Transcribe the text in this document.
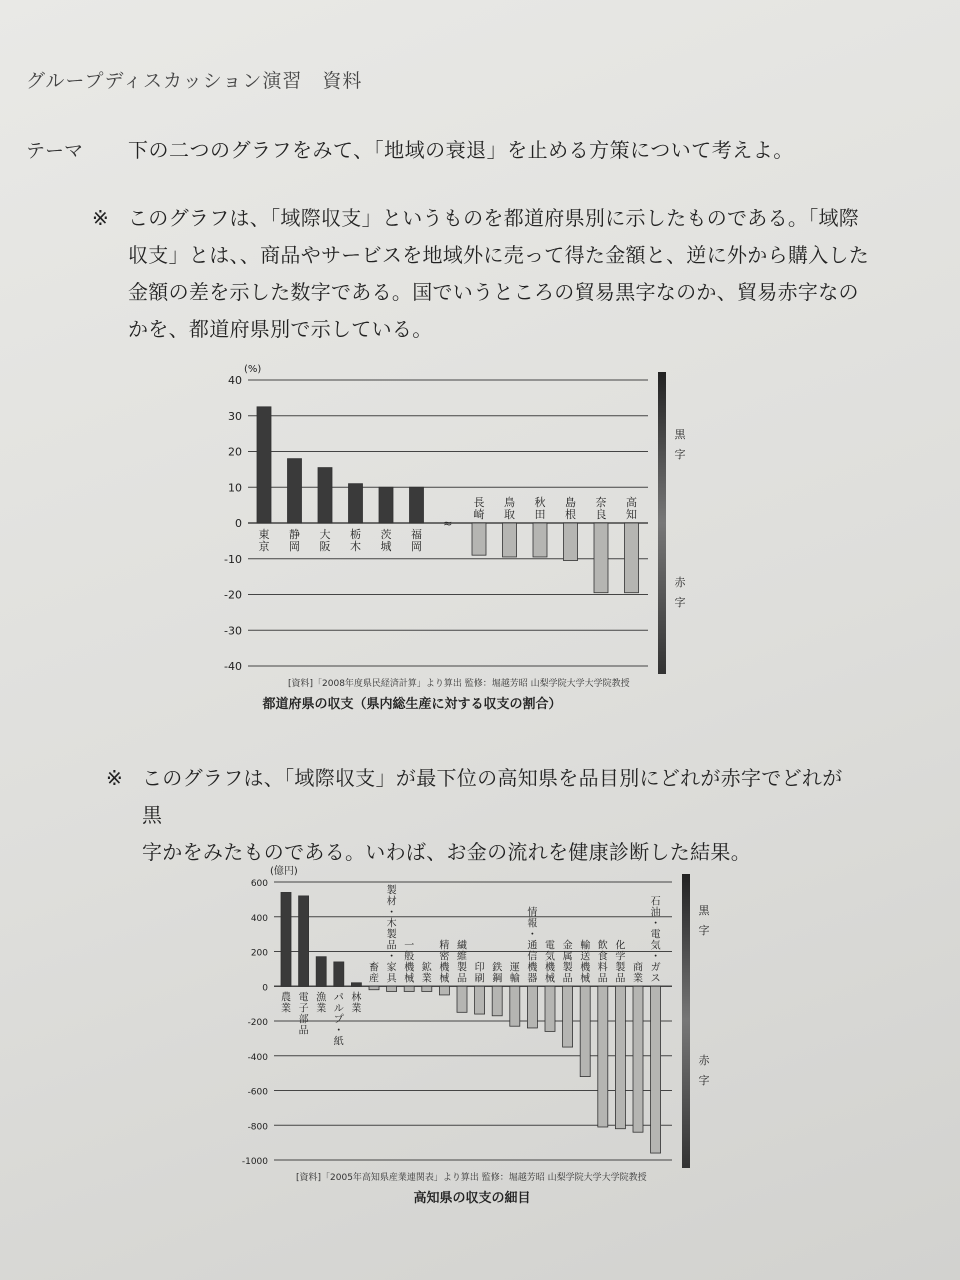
グループディスカッション演習　資料
テーマ 下の二つのグラフをみて、「地域の衰退」を止める方策について考えよ。
※ このグラフは、「域際収支」というものを都道府県別に示したものである。「域際

収支」とは、、商品やサービスを地域外に売って得た金額と、逆に外から購入した

金額の差を示した数字である。国でいうところの貿易黒字なのか、貿易赤字なの

かを、都道府県別で示している。

(%)
40
30
20
10
0
-10
-20
-30
-40
東京
静岡
大阪
栃木
茨城
福岡
長崎
鳥取
秋田
島根
奈良
高知
≈
黒字
赤字
[資料]「2008年度県民経済計算」より算出 監修：堀越芳昭 山梨学院大学大学院教授
都道府県の収支（県内総生産に対する収支の割合）
※ このグラフは、「域際収支」が最下位の高知県を品目別にどれが赤字でどれが黒

字かをみたものである。いわば、お金の流れを健康診断した結果。

(億円)
600
400
200
0
-200
-400
-600
-800
-1000
農業
電子部品
漁業
パルプ・紙
林業
畜産
製材・木製品・家具
一般機械
鉱業
精密機械
繊維製品
印刷
鉄鋼
運輸
情報・通信機器
電気機械
金属製品
輸送機械
飲食料品
化学製品
商業
石油・電気・ガス
黒字
赤字
[資料]「2005年高知県産業連関表」より算出 監修：堀越芳昭 山梨学院大学大学院教授
高知県の収支の細目
